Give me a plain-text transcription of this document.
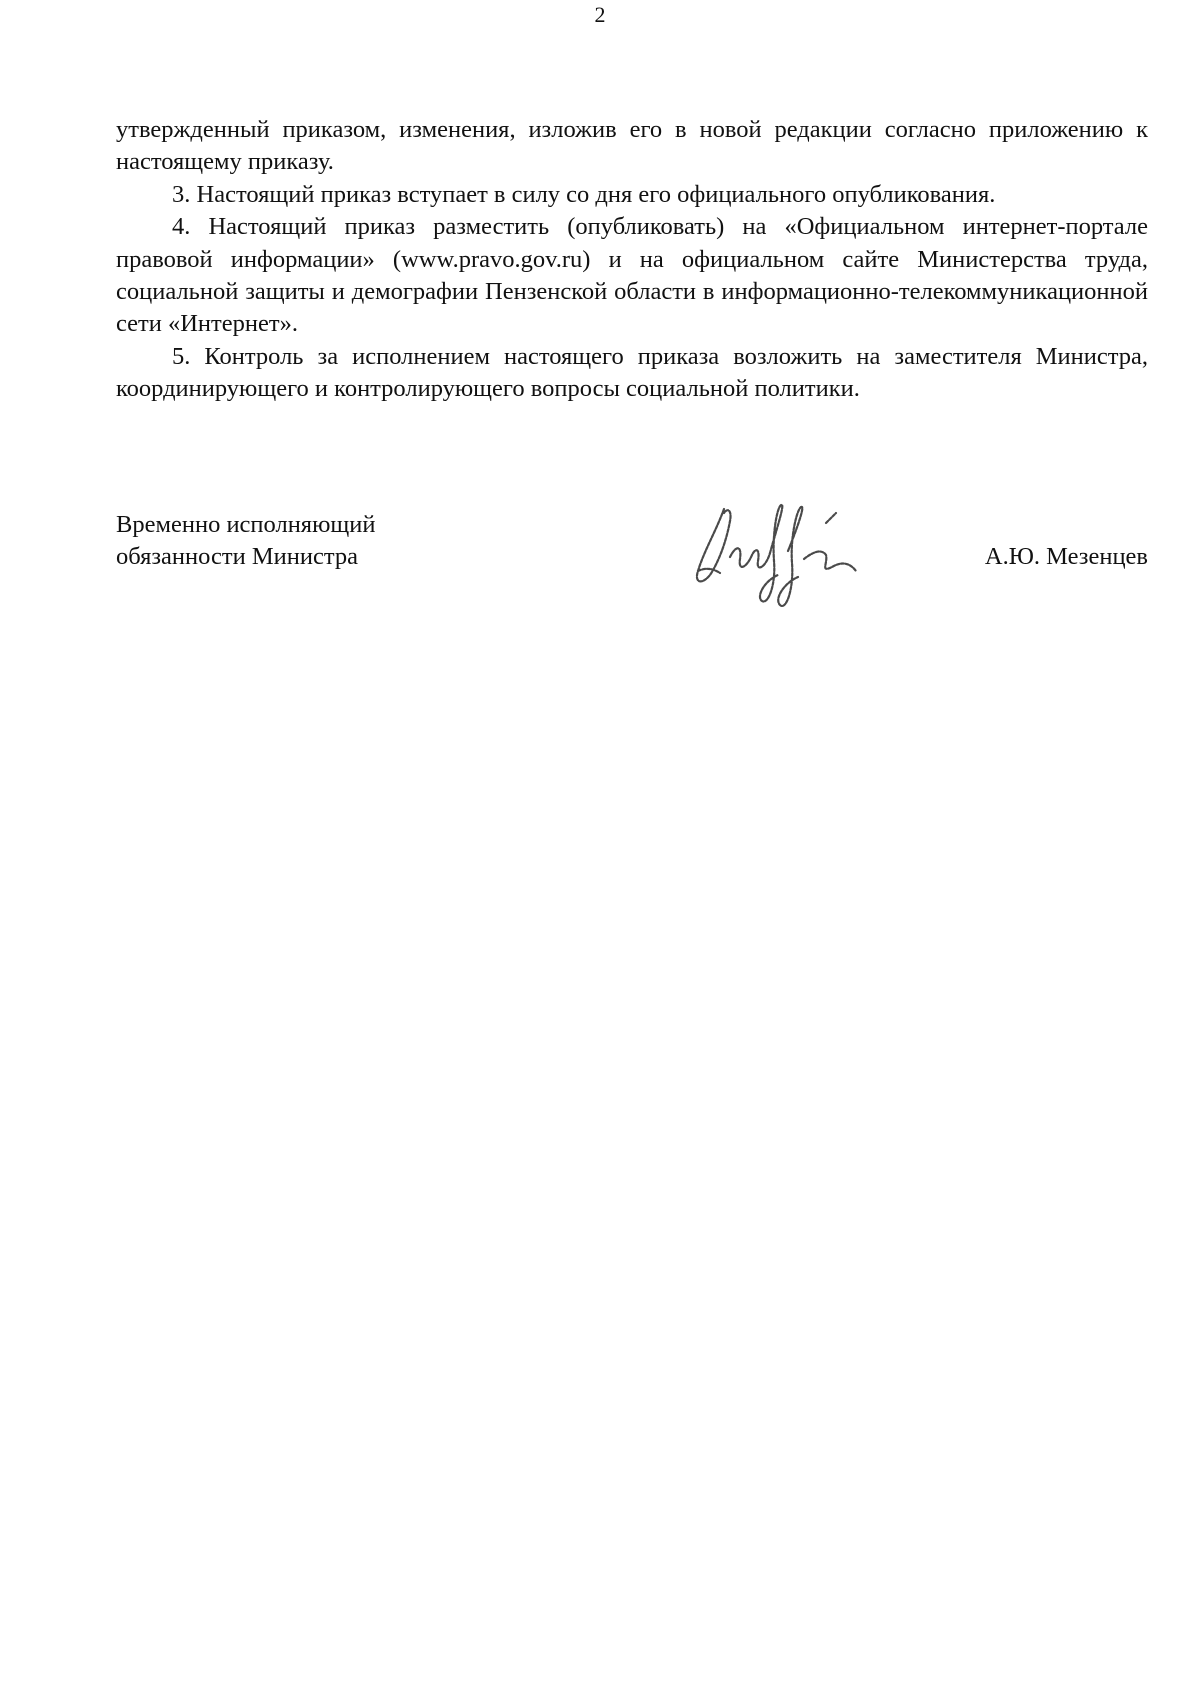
2

утвержденный приказом, изменения, изложив его в новой редакции согласно приложению к настоящему приказу.

3. Настоящий приказ вступает в силу со дня его официального опубликования.

4. Настоящий приказ разместить (опубликовать) на «Официальном интернет-портале правовой информации» (www.pravo.gov.ru) и на официальном сайте Министерства труда, социальной защиты и демографии Пензенской области в информационно-телекоммуникационной сети «Интернет».

5. Контроль за исполнением настоящего приказа возложить на заместителя Министра, координирующего и контролирующего вопросы социальной политики.

Временно исполняющий
обязанности Министра	А.Ю. Мезенцев
